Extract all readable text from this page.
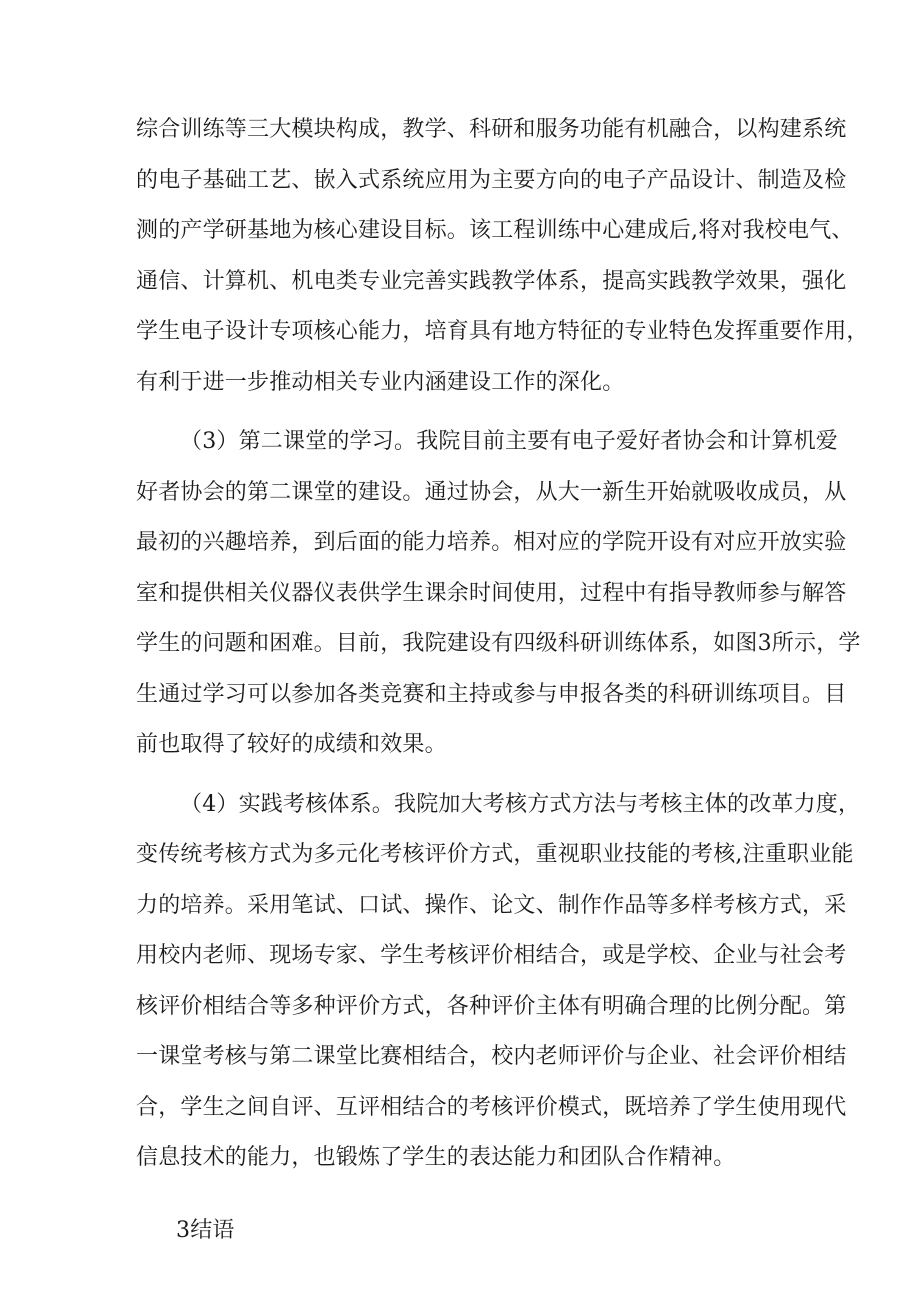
综合训练等三大模块构成，教学、科研和服务功能有机融合，以构建系统
的电子基础工艺、嵌入式系统应用为主要方向的电子产品设计、制造及检
测的产学研基地为核心建设目标。该工程训练中心建成后,将对我校电气、
通信、计算机、机电类专业完善实践教学体系，提高实践教学效果，强化
学生电子设计专项核心能力，培育具有地方特征的专业特色发挥重要作用，
有利于进一步推动相关专业内涵建设工作的深化。
（3）第二课堂的学习。我院目前主要有电子爱好者协会和计算机爱
好者协会的第二课堂的建设。通过协会，从大一新生开始就吸收成员，从
最初的兴趣培养，到后面的能力培养。相对应的学院开设有对应开放实验
室和提供相关仪器仪表供学生课余时间使用，过程中有指导教师参与解答
学生的问题和困难。目前，我院建设有四级科研训练体系，如图3所示，学
生通过学习可以参加各类竞赛和主持或参与申报各类的科研训练项目。目
前也取得了较好的成绩和效果。
（4）实践考核体系。我院加大考核方式方法与考核主体的改革力度，
变传统考核方式为多元化考核评价方式，重视职业技能的考核,注重职业能
力的培养。采用笔试、口试、操作、论文、制作作品等多样考核方式，采
用校内老师、现场专家、学生考核评价相结合，或是学校、企业与社会考
核评价相结合等多种评价方式，各种评价主体有明确合理的比例分配。第
一课堂考核与第二课堂比赛相结合，校内老师评价与企业、社会评价相结
合，学生之间自评、互评相结合的考核评价模式，既培养了学生使用现代
信息技术的能力，也锻炼了学生的表达能力和团队合作精神。
3结语
